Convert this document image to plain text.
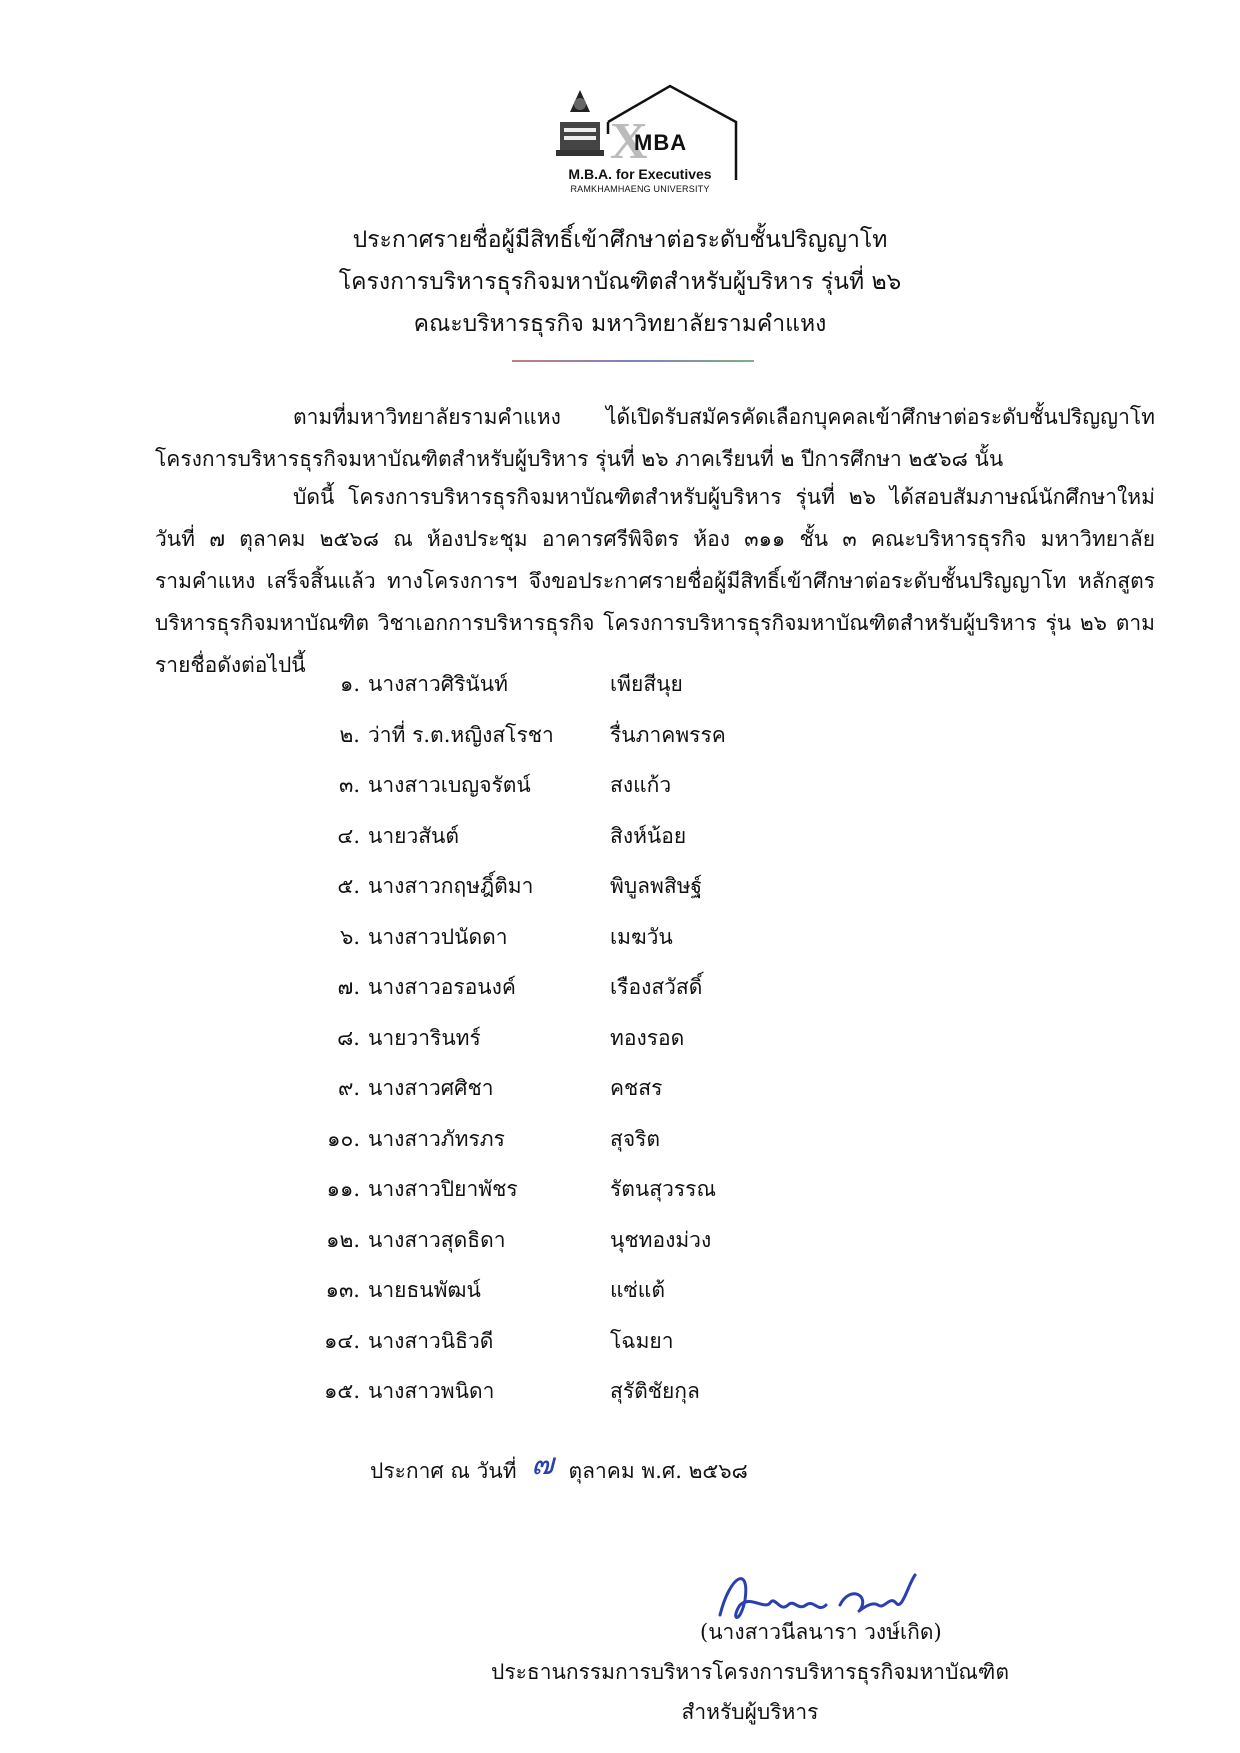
X
MBA
M.B.A. for Executives
RAMKHAMHAENG UNIVERSITY
ประกาศรายชื่อผู้มีสิทธิ์เข้าศึกษาต่อระดับชั้นปริญญาโท
โครงการบริหารธุรกิจมหาบัณฑิตสำหรับผู้บริหาร รุ่นที่ ๒๖
คณะบริหารธุรกิจ มหาวิทยาลัยรามคำแหง
ตามที่มหาวิทยาลัยรามคำแหง ได้เปิดรับสมัครคัดเลือกบุคคลเข้าศึกษาต่อระดับชั้นปริญญาโท โครงการบริหารธุรกิจมหาบัณฑิตสำหรับผู้บริหาร รุ่นที่ ๒๖ ภาคเรียนที่ ๒ ปีการศึกษา ๒๕๖๘ นั้น
บัดนี้ โครงการบริหารธุรกิจมหาบัณฑิตสำหรับผู้บริหาร รุ่นที่ ๒๖ ได้สอบสัมภาษณ์นักศึกษาใหม่ วันที่ ๗ ตุลาคม ๒๕๖๘ ณ ห้องประชุม อาคารศรีพิจิตร ห้อง ๓๑๑ ชั้น ๓ คณะบริหารธุรกิจ มหาวิทยาลัยรามคำแหง เสร็จสิ้นแล้ว ทางโครงการฯ จึงขอประกาศรายชื่อผู้มีสิทธิ์เข้าศึกษาต่อระดับชั้นปริญญาโท หลักสูตรบริหารธุรกิจมหาบัณฑิต วิชาเอกการบริหารธุรกิจ โครงการบริหารธุรกิจมหาบัณฑิตสำหรับผู้บริหาร รุ่น ๒๖ ตามรายชื่อดังต่อไปนี้
๑. นางสาวศิรินันท์	เพียสีนุย
๒. ว่าที่ ร.ต.หญิงสโรชา	รื่นภาคพรรค
๓. นางสาวเบญจรัตน์	สงแก้ว
๔. นายวสันต์	สิงห์น้อย
๕. นางสาวกฤษฎิ์ติมา	พิบูลพสิษฐ์
๖. นางสาวปนัดดา	เมฆวัน
๗. นางสาวอรอนงค์	เรืองสวัสดิ์
๘. นายวารินทร์	ทองรอด
๙. นางสาวศศิชา	คชสร
๑๐. นางสาวภัทรภร	สุจริต
๑๑. นางสาวปิยาพัชร	รัตนสุวรรณ
๑๒. นางสาวสุดธิดา	นุชทองม่วง
๑๓. นายธนพัฒน์	แซ่แต้
๑๔. นางสาวนิธิวดี	โฉมยา
๑๕. นางสาวพนิดา	สุรัติชัยกุล
ประกาศ ณ วันที่ ๗ ตุลาคม พ.ศ. ๒๕๖๘
(นางสาวนีลนารา วงษ์เกิด)
ประธานกรรมการบริหารโครงการบริหารธุรกิจมหาบัณฑิต
สำหรับผู้บริหาร
